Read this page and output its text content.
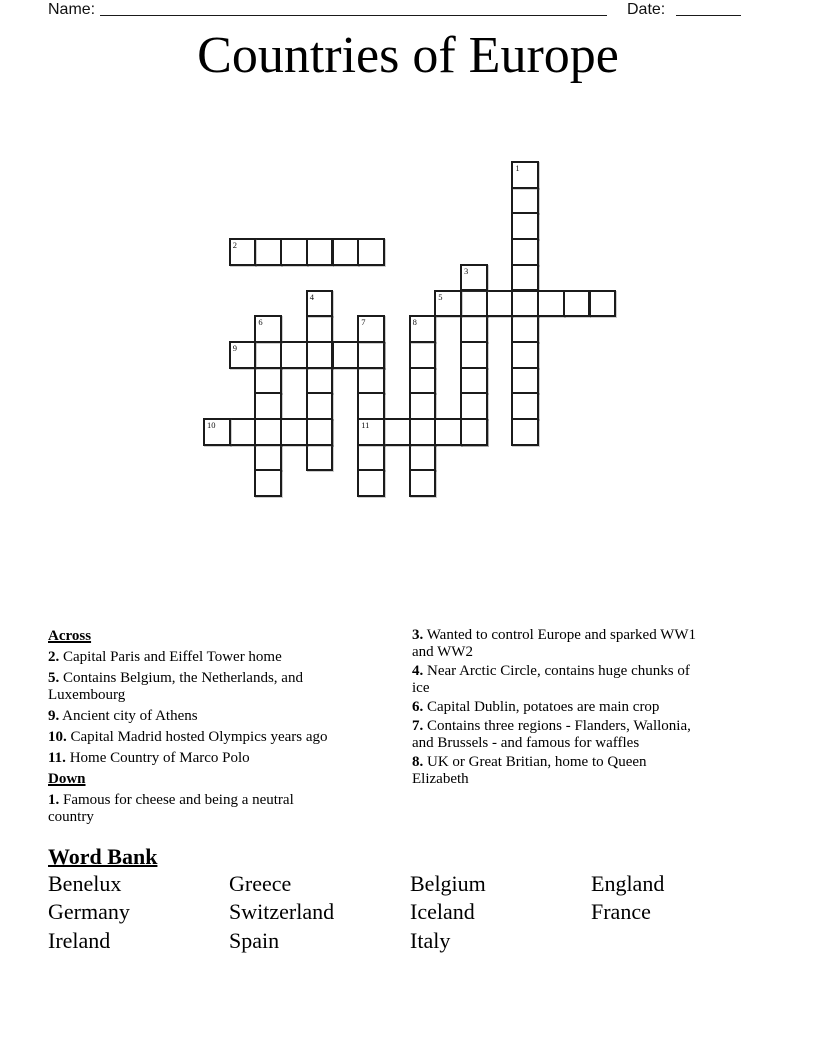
Name:	Date:
Countries of Europe
1
2
3
4	5
6	7	8
9
10	11
Across
2. Capital Paris and Eiffel Tower home
5. Contains Belgium, the Netherlands, and Luxembourg
9. Ancient city of Athens
10. Capital Madrid hosted Olympics years ago
11. Home Country of Marco Polo
Down
1. Famous for cheese and being a neutral country
3. Wanted to control Europe and sparked WW1 and WW2
4. Near Arctic Circle, contains huge chunks of ice
6. Capital Dublin, potatoes are main crop
7. Contains three regions - Flanders, Wallonia, and Brussels - and famous for waffles
8. UK or Great Britian, home to Queen Elizabeth
Word Bank
Benelux	Greece	Belgium	England
Germany	Switzerland	Iceland	France
Ireland	Spain	Italy
